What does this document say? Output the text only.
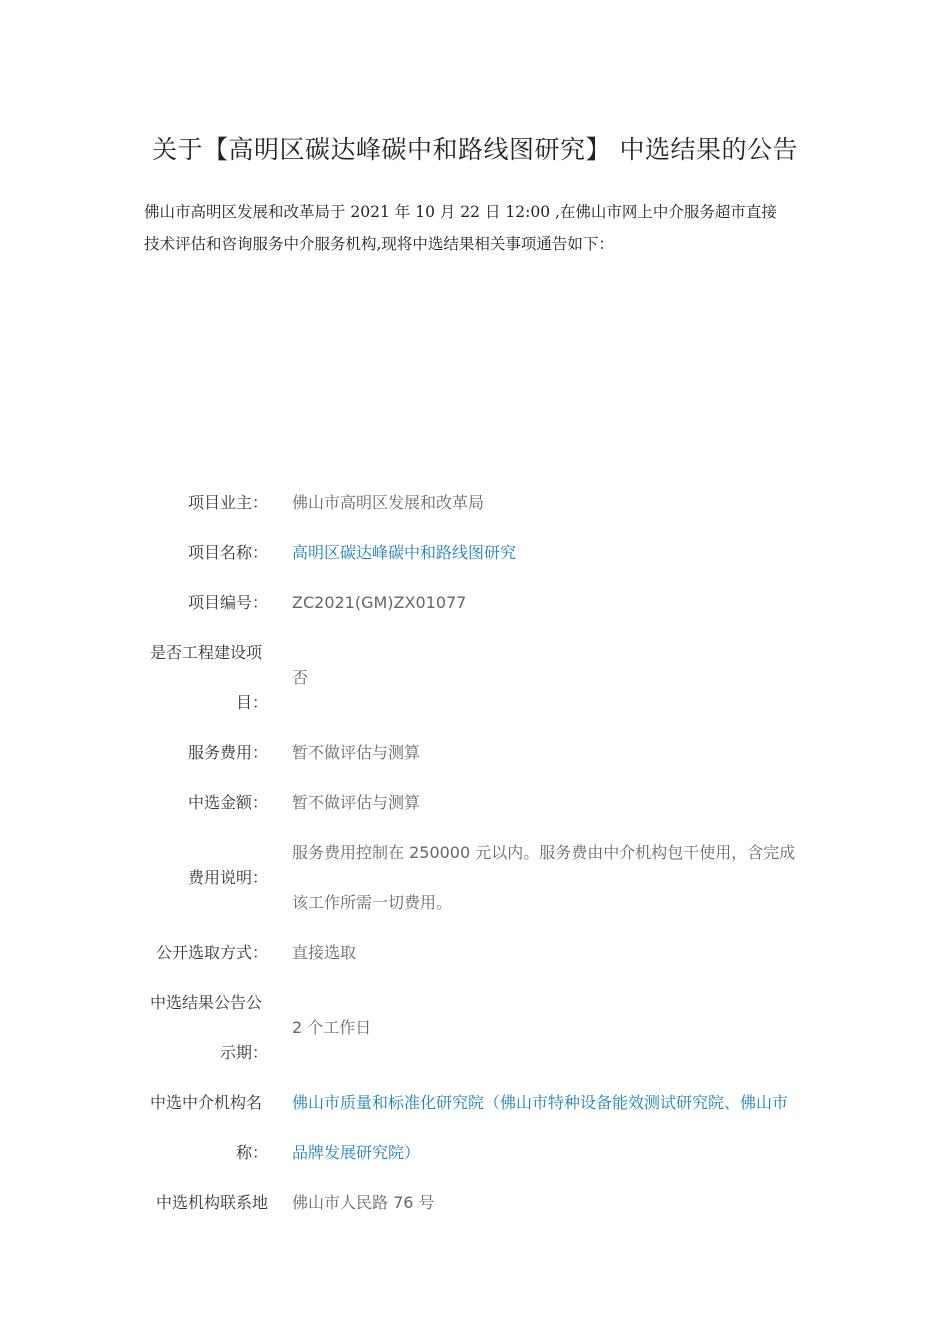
关于【高明区碳达峰碳中和路线图研究】 中选结果的公告
佛山市高明区发展和改革局于 2021 年 10 月 22 日 12:00 ,在佛山市网上中介服务超市直接
技术评估和咨询服务中介服务机构,现将中选结果相关事项通告如下：
项目业主： 佛山市高明区发展和改革局
项目名称： 高明区碳达峰碳中和路线图研究
项目编号： ZC2021(GM)ZX01077
是否工程建设项
目：
否
服务费用： 暂不做评估与测算
中选金额： 暂不做评估与测算
费用说明：
服务费用控制在 250000 元以内。服务费由中介机构包干使用，含完成
该工作所需一切费用。
公开选取方式： 直接选取
中选结果公告公
示期：
2 个工作日
中选中介机构名
称：
佛山市质量和标准化研究院（佛山市特种设备能效测试研究院、佛山市
品牌发展研究院）
中选机构联系地 佛山市人民路 76 号
